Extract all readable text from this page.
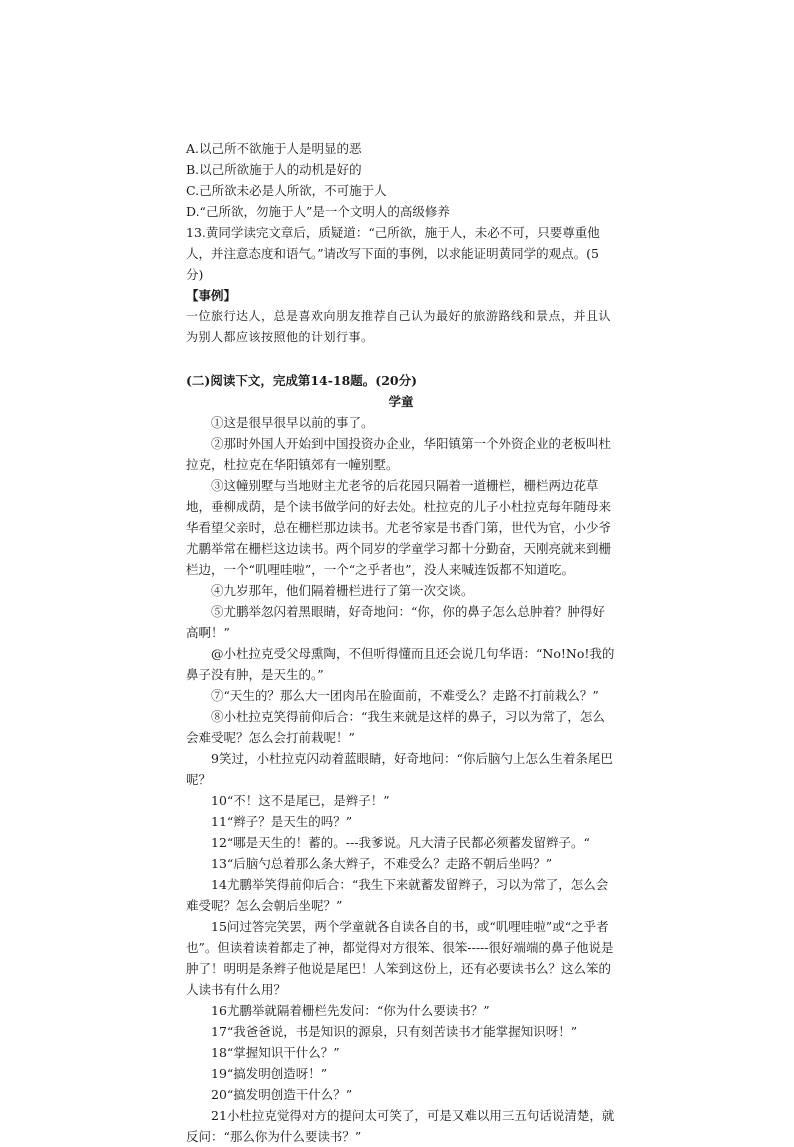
A.以己所不欲施于人是明显的恶

B.以己所欲施于人的动机是好的

C.己所欲未必是人所欲，不可施于人

D.“己所欲，勿施于人”是一个文明人的高级修养

13.黄同学读完文章后，质疑道：“己所欲，施于人，未必不可，只要尊重他人，并注意态度和语气。”请改写下面的事例，以求能证明黄同学的观点。(5分)

【事例】

一位旅行达人，总是喜欢向朋友推荐自己认为最好的旅游路线和景点，并且认为别人都应该按照他的计划行事。

(二)阅读下文，完成第14-18题。(20分)

学童

①这是很早很早以前的事了。

②那时外国人开始到中国投资办企业，华阳镇第一个外资企业的老板叫杜拉克，杜拉克在华阳镇郊有一幢别墅。

③这幢别墅与当地财主尤老爷的后花园只隔着一道栅栏，栅栏两边花草地，垂柳成荫，是个读书做学问的好去处。杜拉克的儿子小杜拉克每年随母来华看望父亲时，总在栅栏那边读书。尤老爷家是书香门第，世代为官，小少爷尤鹏举常在栅栏这边读书。两个同岁的学童学习都十分勤奋，天刚亮就来到栅栏边，一个“叽哩哇啦”，一个“之乎者也”，没人来喊连饭都不知道吃。

④九岁那年，他们隔着栅栏进行了第一次交谈。

⑤尤鹏举忽闪着黑眼睛，好奇地问：“你，你的鼻子怎么总肿着？肿得好高啊！”

@小杜拉克受父母熏陶，不但听得懂而且还会说几句华语：“No!No!我的鼻子没有肿，是天生的。”

⑦“天生的？那么大一团肉吊在脸面前，不难受么？走路不打前栽么？”

⑧小杜拉克笑得前仰后合：“我生来就是这样的鼻子，习以为常了，怎么会难受呢？怎么会打前栽呢！”

9笑过，小杜拉克闪动着蓝眼睛，好奇地问：“你后脑勺上怎么生着条尾巴呢？

10“不！这不是尾已，是辫子！”

11“辫子？是天生的吗？”

12“哪是天生的！蓄的。---我爹说。凡大清子民都必须蓄发留辫子。“

13“后脑勺总着那么条大辫子，不难受么？走路不朝后坐吗？”

14尤鹏举笑得前仰后合：“我生下来就蓄发留辫子，习以为常了，怎么会难受呢？怎么会朝后坐呢？”

15问过答完笑罢，两个学童就各自读各自的书，或“叽哩哇啦”或“之乎者也”。但读着读着都走了神，都觉得对方很笨、很笨-----很好端端的鼻子他说是肿了！明明是条辫子他说是尾巴！人笨到这份上，还有必要读书么？这么笨的人读书有什么用？

16尤鹏举就隔着栅栏先发问：“你为什么要读书？”

17“我爸爸说，书是知识的源泉，只有刻苦读书才能掌握知识呀！”

18“掌握知识干什么？”

19“搞发明创造呀！”

20“搞发明创造干什么？”

21小杜拉克觉得对方的提问太可笑了，可是又难以用三五句话说清楚，就反问：“那么你为什么要读书？”
